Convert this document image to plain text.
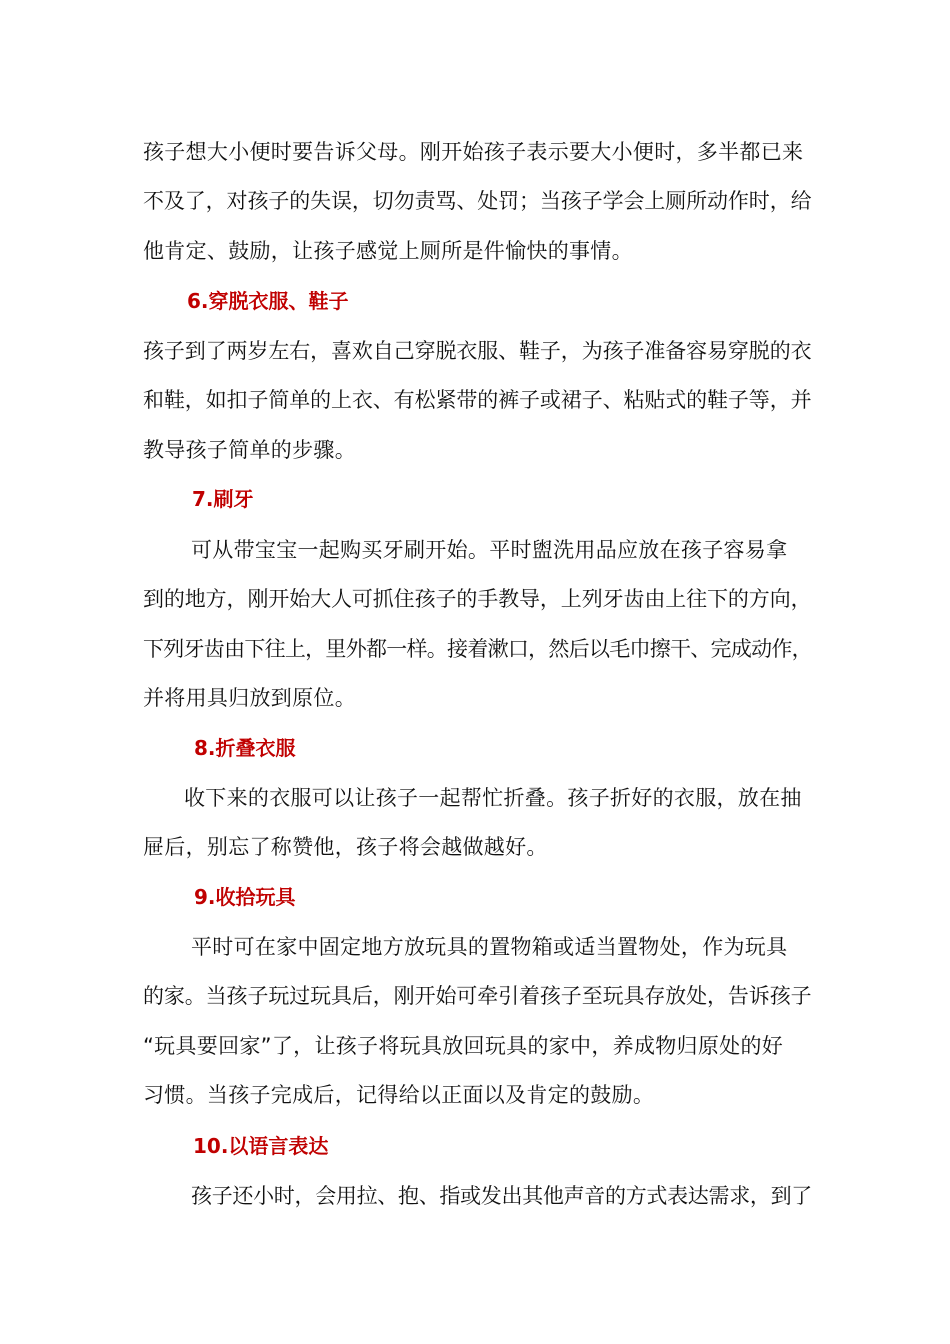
孩子想大小便时要告诉父母。刚开始孩子表示要大小便时，多半都已来
不及了，对孩子的失误，切勿责骂、处罚；当孩子学会上厕所动作时，给
他肯定、鼓励，让孩子感觉上厕所是件愉快的事情。
6.穿脱衣服、鞋子
孩子到了两岁左右，喜欢自己穿脱衣服、鞋子，为孩子准备容易穿脱的衣
和鞋，如扣子简单的上衣、有松紧带的裤子或裙子、粘贴式的鞋子等，并
教导孩子简单的步骤。
7.刷牙
可从带宝宝一起购买牙刷开始。平时盥洗用品应放在孩子容易拿
到的地方，刚开始大人可抓住孩子的手教导，上列牙齿由上往下的方向，
下列牙齿由下往上，里外都一样。接着漱口，然后以毛巾擦干、完成动作，
并将用具归放到原位。
8.折叠衣服
收下来的衣服可以让孩子一起帮忙折叠。孩子折好的衣服，放在抽
屉后，别忘了称赞他，孩子将会越做越好。
9.收拾玩具
平时可在家中固定地方放玩具的置物箱或适当置物处，作为玩具
的家。当孩子玩过玩具后，刚开始可牵引着孩子至玩具存放处，告诉孩子
“玩具要回家”了，让孩子将玩具放回玩具的家中，养成物归原处的好
习惯。当孩子完成后，记得给以正面以及肯定的鼓励。
10.以语言表达
孩子还小时，会用拉、抱、指或发出其他声音的方式表达需求，到了
